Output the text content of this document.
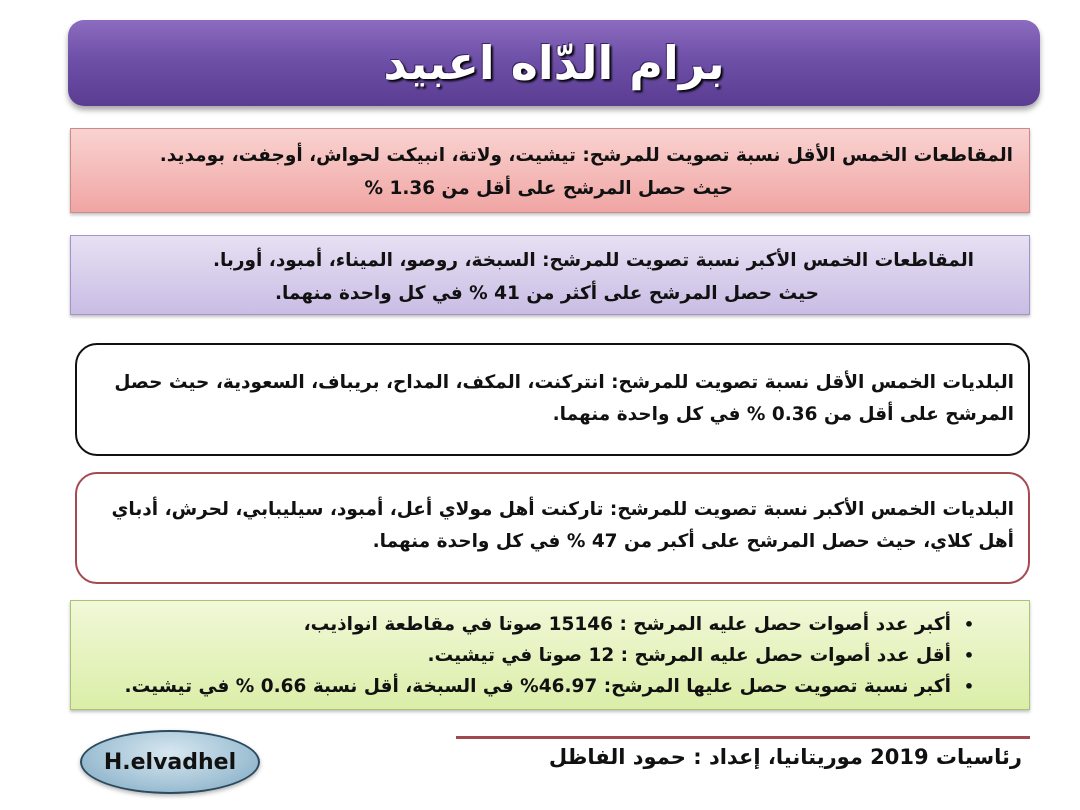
برام الدّاه اعبيد
المقاطعات الخمس الأقل نسبة تصويت للمرشح: تيشيت، ولاتة، انبيكت لحواش، أوجفت، بومديد.
حيث حصل المرشح على أقل من 1.36 %
المقاطعات الخمس الأكبر نسبة تصويت للمرشح: السبخة، روصو، الميناء، أمبود، أوربا.
حيث حصل المرشح على أكثر من 41 % في كل واحدة منهما.
البلديات الخمس الأقل نسبة تصويت للمرشح: انتركنت، المكف، المداح، بريباف، السعودية، حيث حصل
المرشح على أقل من 0.36 % في كل واحدة منهما.
البلديات الخمس الأكبر نسبة تصويت للمرشح: تاركنت أهل مولاي أعل، أمبود، سيليبابي، لحرش، أدباي
أهل كلاي، حيث حصل المرشح على أكبر من 47 % في كل واحدة منهما.
•
أكبر عدد أصوات حصل عليه المرشح : 15146 صوتا في مقاطعة انواذيب،
•
أقل عدد أصوات حصل عليه المرشح : 12 صوتا في تيشيت.
•
أكبر نسبة تصويت حصل عليها المرشح: 46.97% في السبخة، أقل نسبة 0.66 % في تيشيت.
رئاسيات 2019 موريتانيا، إعداد : حمود الفاظل
H.elvadhel
